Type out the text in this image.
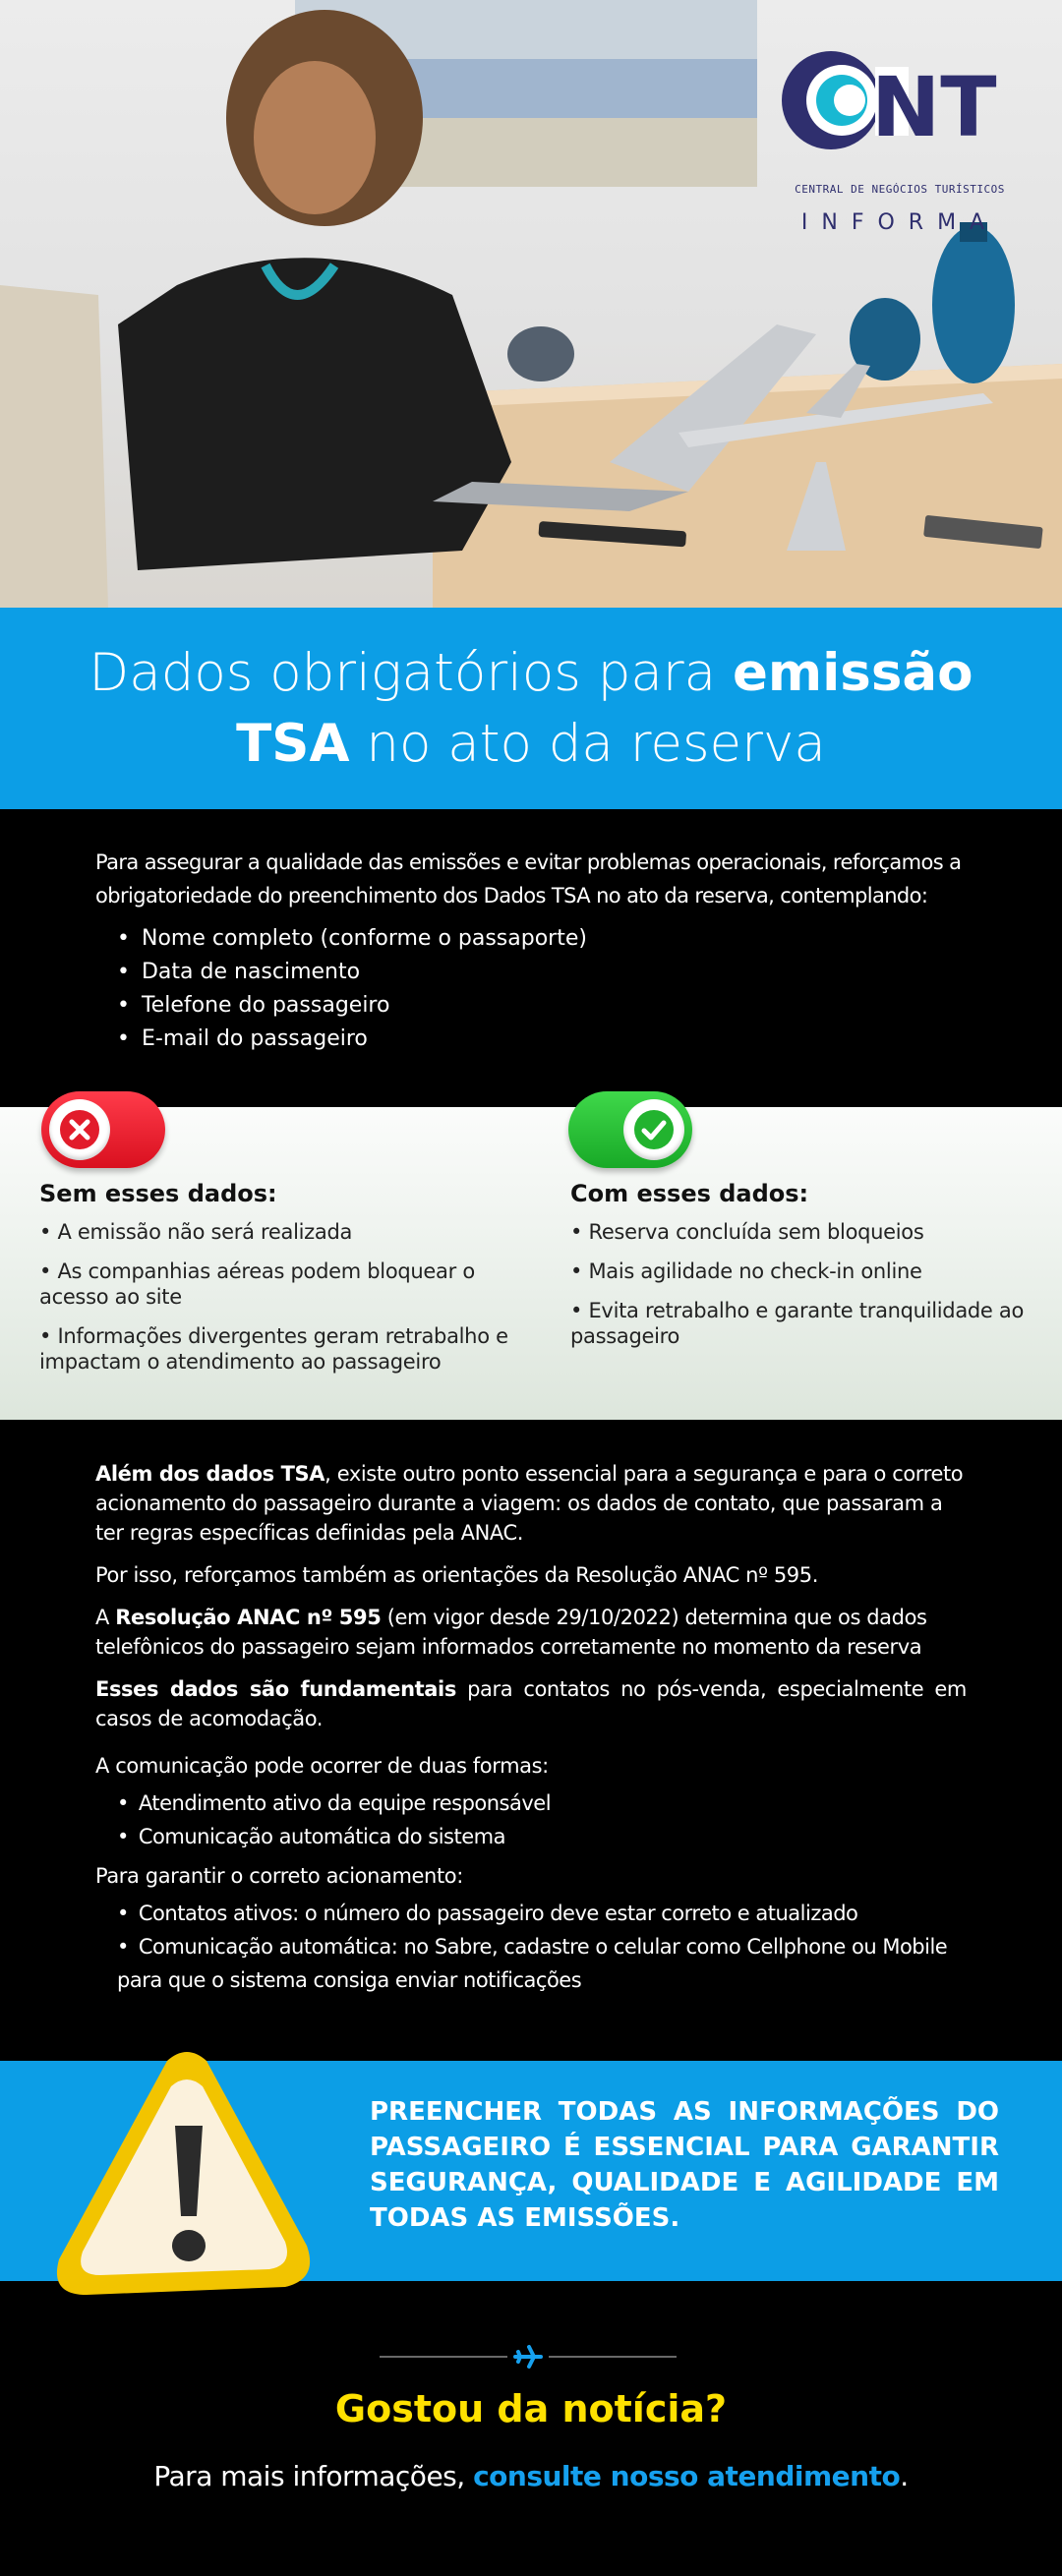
NT
CENTRAL DE NEGÓCIOS TURÍSTICOS
INFORMA
Dados obrigatórios para emissão
TSA no ato da reserva

Para assegurar a qualidade das emissões e evitar problemas operacionais, reforçamos a obrigatoriedade do preenchimento dos Dados TSA no ato da reserva, contemplando:

• Nome completo (conforme o passaporte)
• Data de nascimento
• Telefone do passageiro
• E-mail do passageiro
Sem esses dados:
• A emissão não será realizada
• As companhias aéreas podem bloquear o acesso ao site
• Informações divergentes geram retrabalho e impactam o atendimento ao passageiro
Com esses dados:
• Reserva concluída sem bloqueios
• Mais agilidade no check-in online
• Evita retrabalho e garante tranquilidade ao passageiro

Além dos dados TSA, existe outro ponto essencial para a segurança e para o correto acionamento do passageiro durante a viagem: os dados de contato, que passaram a ter regras específicas definidas pela ANAC.

Por isso, reforçamos também as orientações da Resolução ANAC nº 595.

A Resolução ANAC nº 595 (em vigor desde 29/10/2022) determina que os dados telefônicos do passageiro sejam informados corretamente no momento da reserva

Esses dados são fundamentais para contatos no pós-venda, especialmente em casos de acomodação.

A comunicação pode ocorrer de duas formas:

• Atendimento ativo da equipe responsável
• Comunicação automática do sistema

Para garantir o correto acionamento:

• Contatos ativos: o número do passageiro deve estar correto e atualizado
• Comunicação automática: no Sabre, cadastre o celular como Cellphone ou Mobile para que o sistema consiga enviar notificações
PREENCHER TODAS AS INFORMAÇÕES DO PASSAGEIRO É ESSENCIAL PARA GARANTIR SEGURANÇA, QUALIDADE E AGILIDADE EM TODAS AS EMISSÕES.
Gostou da notícia?
Para mais informações, consulte nosso atendimento.
